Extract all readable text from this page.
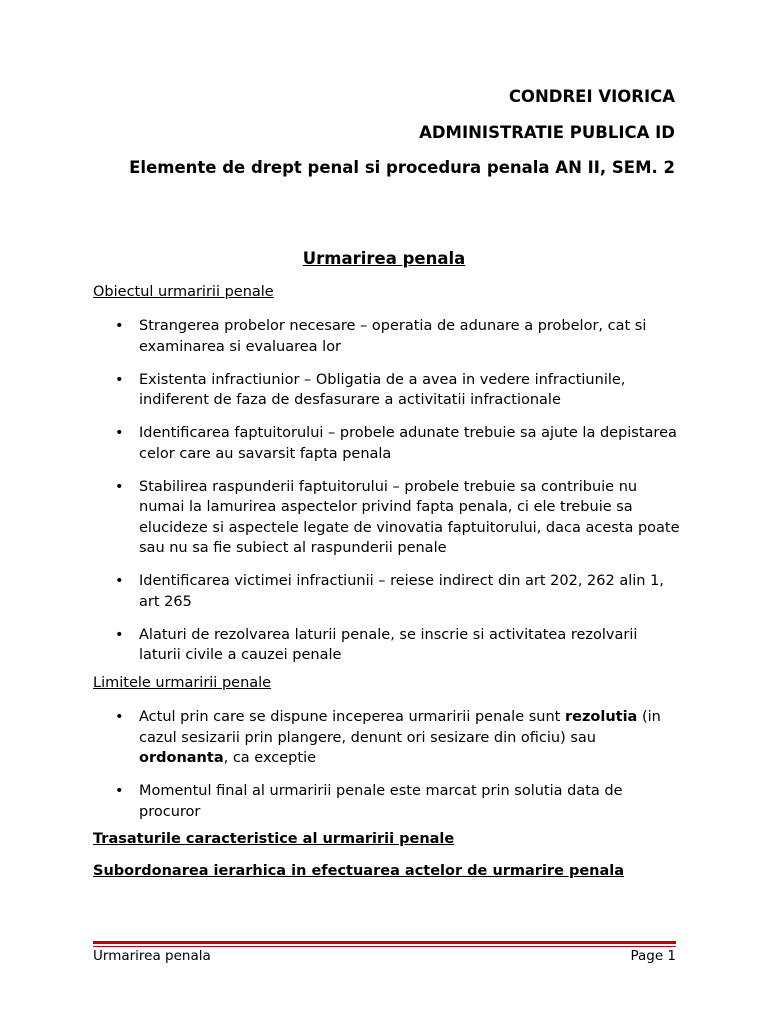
CONDREI VIORICA
ADMINISTRATIE PUBLICA ID
Elemente de drept penal si procedura penala AN II, SEM. 2
Urmarirea penala
Obiectul urmaririi penale
• Strangerea probelor necesare – operatia de adunare a probelor, cat si examinarea si evaluarea lor
• Existenta infractiunior – Obligatia de a avea in vedere infractiunile, indiferent de faza de desfasurare a activitatii infractionale
• Identificarea faptuitorului – probele adunate trebuie sa ajute la depistarea celor care au savarsit fapta penala
• Stabilirea raspunderii faptuitorului – probele trebuie sa contribuie nu numai la lamurirea aspectelor privind fapta penala, ci ele trebuie sa elucideze si aspectele legate de vinovatia faptuitorului, daca acesta poate sau nu sa fie subiect al raspunderii penale
• Identificarea victimei infractiunii – reiese indirect din art 202, 262 alin 1, art 265
• Alaturi de rezolvarea laturii penale, se inscrie si activitatea rezolvarii laturii civile a cauzei penale
Limitele urmaririi penale
• Actul prin care se dispune inceperea urmaririi penale sunt rezolutia (in cazul sesizarii prin plangere, denunt ori sesizare din oficiu) sau ordonanta, ca exceptie
• Momentul final al urmaririi penale este marcat prin solutia data de procuror
Trasaturile caracteristice al urmaririi penale
Subordonarea ierarhica in efectuarea actelor de urmarire penala
Urmarirea penala	Page 1
